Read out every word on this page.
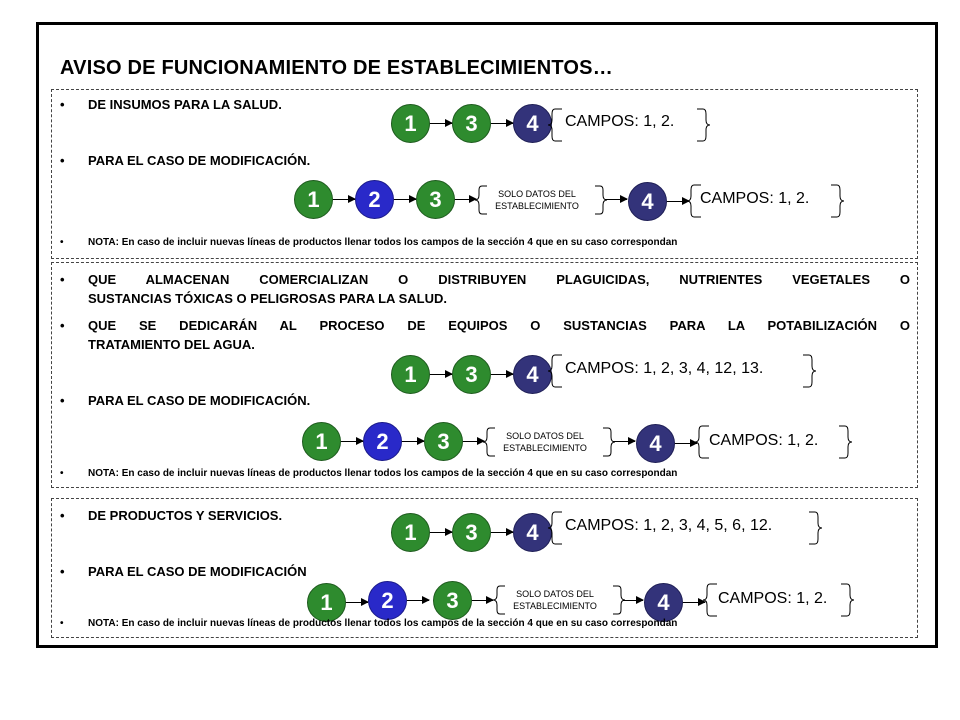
AVISO DE FUNCIONAMIENTO DE ESTABLECIMIENTOS…
• DE INSUMOS PARA LA SALUD.
1	3	4	CAMPOS: 1, 2.
• PARA EL CASO DE MODIFICACIÓN.
1	2	3	SOLO DATOS DEL
ESTABLECIMIENTO	4	CAMPOS: 1, 2.
• NOTA: En caso de incluir nuevas líneas de productos llenar todos los campos de la sección 4 que en su caso correspondan
• QUE ALMACENAN COMERCIALIZAN O DISTRIBUYEN PLAGUICIDAS, NUTRIENTES VEGETALES O
SUSTANCIAS TÓXICAS O PELIGROSAS PARA LA SALUD.
• QUE SE DEDICARÁN AL PROCESO DE EQUIPOS O SUSTANCIAS PARA LA POTABILIZACIÓN O
TRATAMIENTO DEL AGUA.
1	3	4	CAMPOS: 1, 2, 3, 4, 12, 13.
• PARA EL CASO DE MODIFICACIÓN.
1	2	3	SOLO DATOS DEL
ESTABLECIMIENTO	4	CAMPOS: 1, 2.
• NOTA: En caso de incluir nuevas líneas de productos llenar todos los campos de la sección 4 que en su caso correspondan
• DE PRODUCTOS Y SERVICIOS.
1	3	4	CAMPOS: 1, 2, 3, 4, 5, 6, 12.
• PARA EL CASO DE MODIFICACIÓN
1	2	3	SOLO DATOS DEL
ESTABLECIMIENTO	4	CAMPOS: 1, 2.
• NOTA: En caso de incluir nuevas líneas de productos llenar todos los campos de la sección 4 que en su caso correspondan
